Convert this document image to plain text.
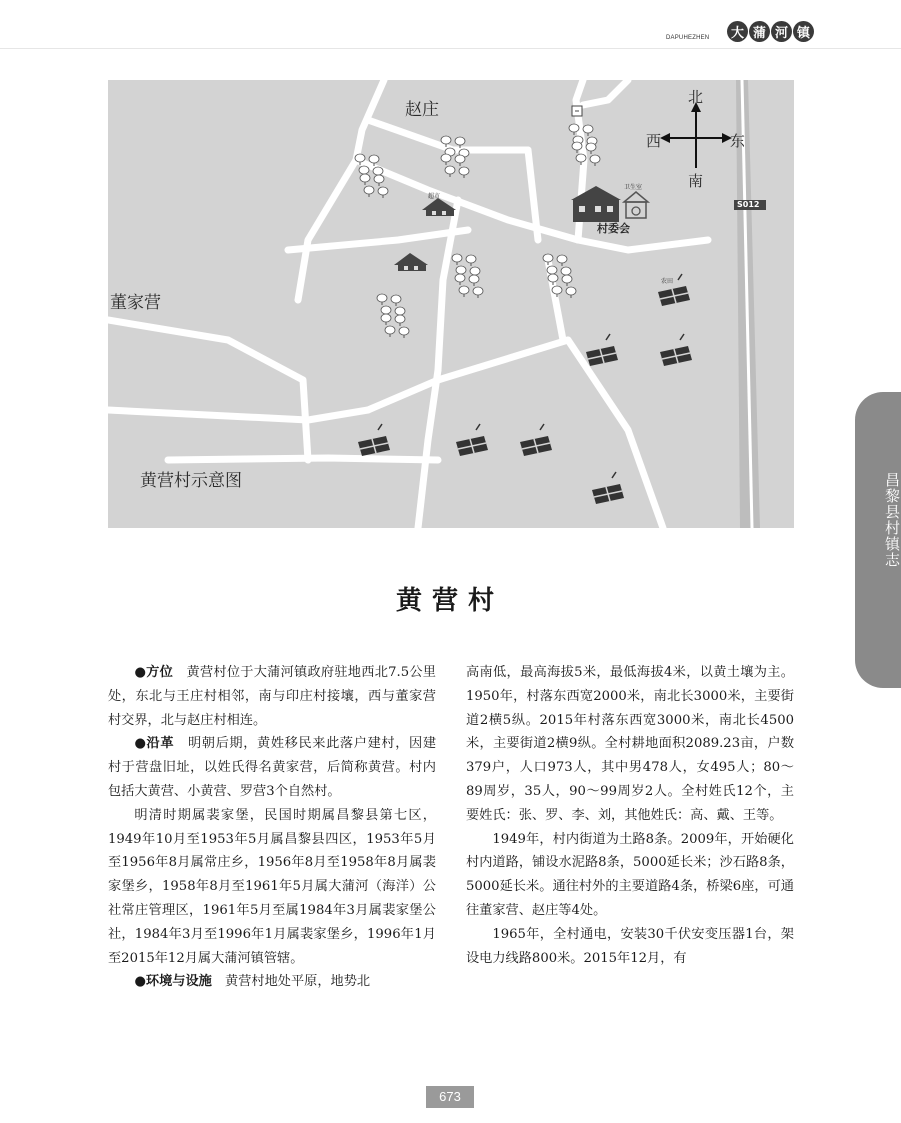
DAPUHEZHEN	大 蒲 河 镇
赵庄
董家营
黄营村示意图
村委会
S012
北
南
东
西
超市
卫生室
农田
昌黎县村镇志
黄营村

●方位　 黄营村位于大蒲河镇政府驻地西北7.5公里处，东北与王庄村相邻，南与印庄村接壤，西与董家营村交界，北与赵庄村相连。

●沿革　 明朝后期，黄姓移民来此落户建村，因建村于营盘旧址，以姓氏得名黄家营，后简称黄营。村内包括大黄营、小黄营、罗营3个自然村。

明清时期属裴家堡，民国时期属昌黎县第七区，1949年10月至1953年5月属昌黎县四区，1953年5月至1956年8月属常庄乡，1956年8月至1958年8月属裴家堡乡，1958年8月至1961年5月属大蒲河（海洋）公社常庄管理区，1961年5月至属1984年3月属裴家堡公社，1984年3月至1996年1月属裴家堡乡，1996年1月至2015年12月属大蒲河镇管辖。

●环境与设施　 黄营村地处平原，地势北

高南低，最高海拔5米，最低海拔4米，以黄土壤为主。1950年，村落东西宽2000米，南北长3000米，主要街道2横5纵。2015年村落东西宽3000米，南北长4500米，主要街道2横9纵。全村耕地面积2089.23亩，户数379户，人口973人，其中男478人，女495人；80～89周岁，35人，90～99周岁2人。全村姓氏12个，主要姓氏：张、罗、李、刘，其他姓氏：高、戴、王等。

1949年，村内街道为土路8条。2009年，开始硬化村内道路，铺设水泥路8条，5000延长米；沙石路8条，5000延长米。通往村外的主要道路4条，桥梁6座，可通往董家营、赵庄等4处。

1965年，全村通电，安装30千伏安变压器1台，架设电力线路800米。2015年12月，有

673
